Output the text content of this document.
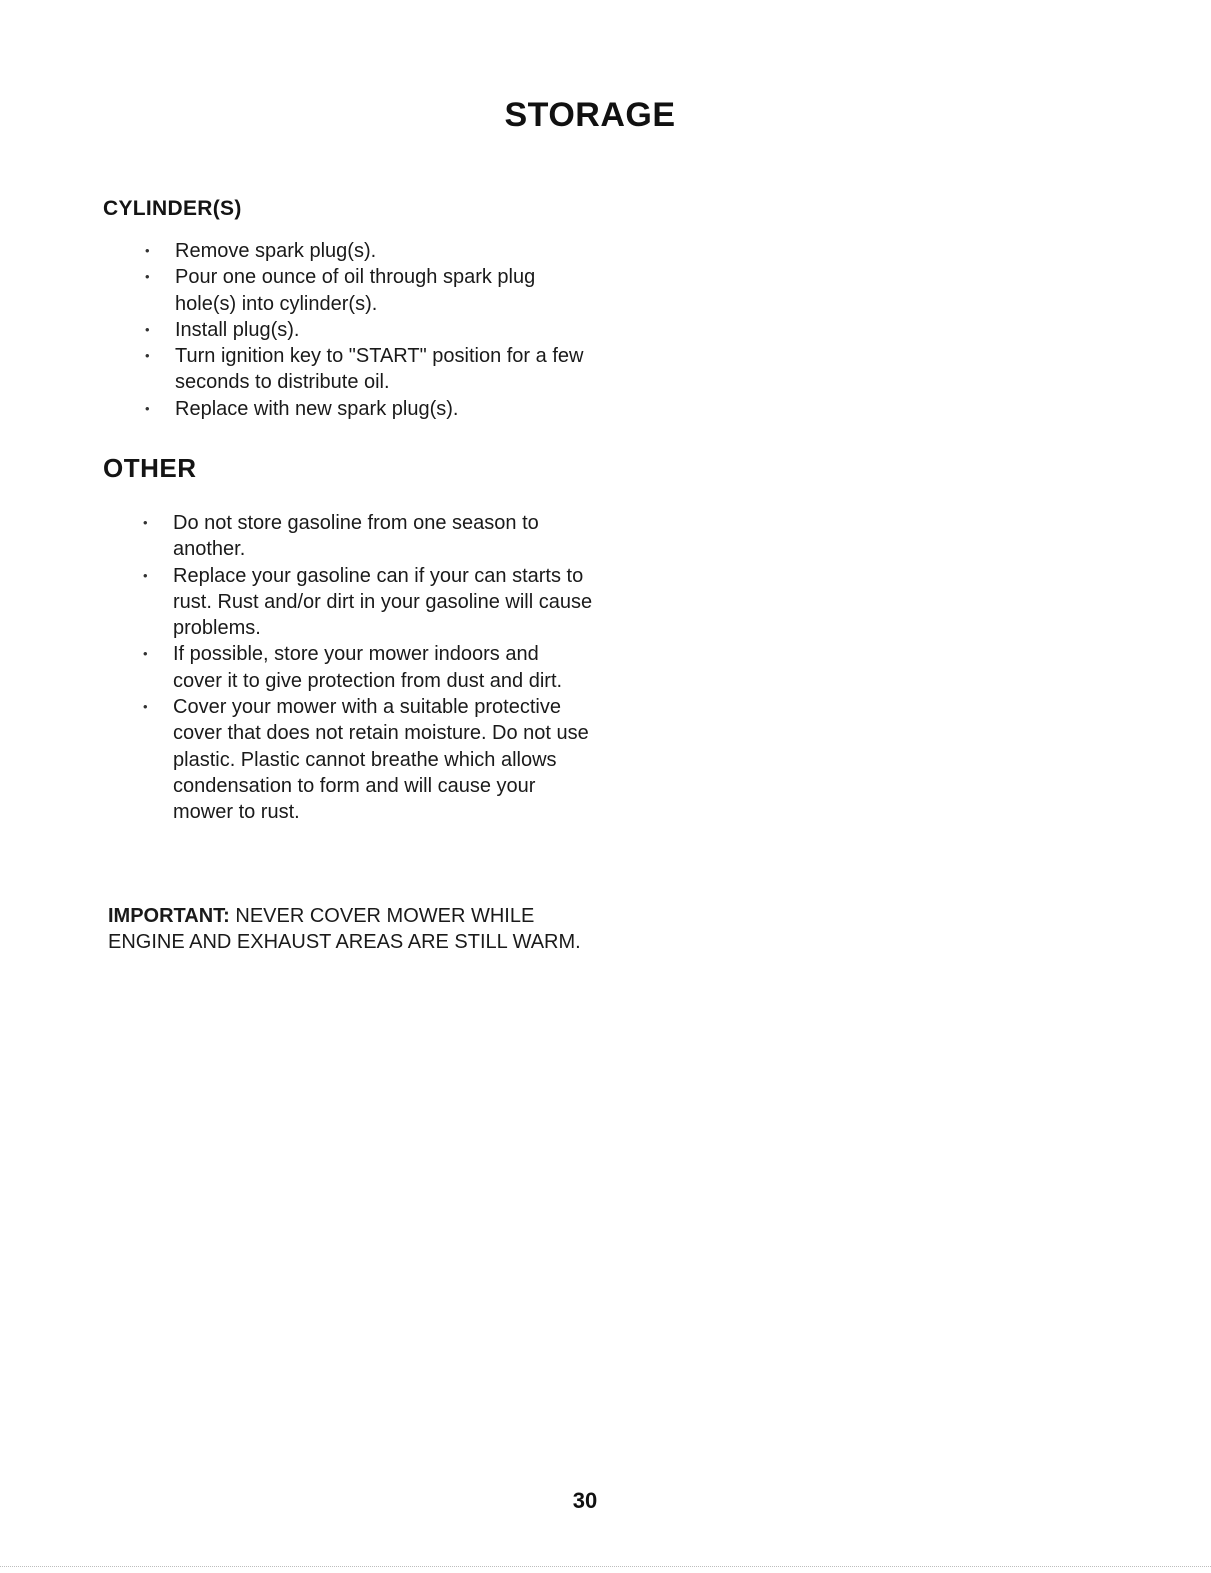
STORAGE
CYLINDER(S)
• Remove spark plug(s).
• Pour one ounce of oil through spark plug hole(s) into cylinder(s).
• Install plug(s).
• Turn ignition key to "START" position for a few seconds to distribute oil.
• Replace with new spark plug(s).
OTHER
• Do not store gasoline from one season to another.
• Replace your gasoline can if your can starts to rust. Rust and/or dirt in your gasoline will cause problems.
• If possible, store your mower indoors and cover it to give protection from dust and dirt.
• Cover your mower with a suitable protective cover that does not retain moisture. Do not use plastic. Plastic cannot breathe which allows condensation to form and will cause your mower to rust.

IMPORTANT: NEVER COVER MOWER WHILE ENGINE AND EXHAUST AREAS ARE STILL WARM.

30
